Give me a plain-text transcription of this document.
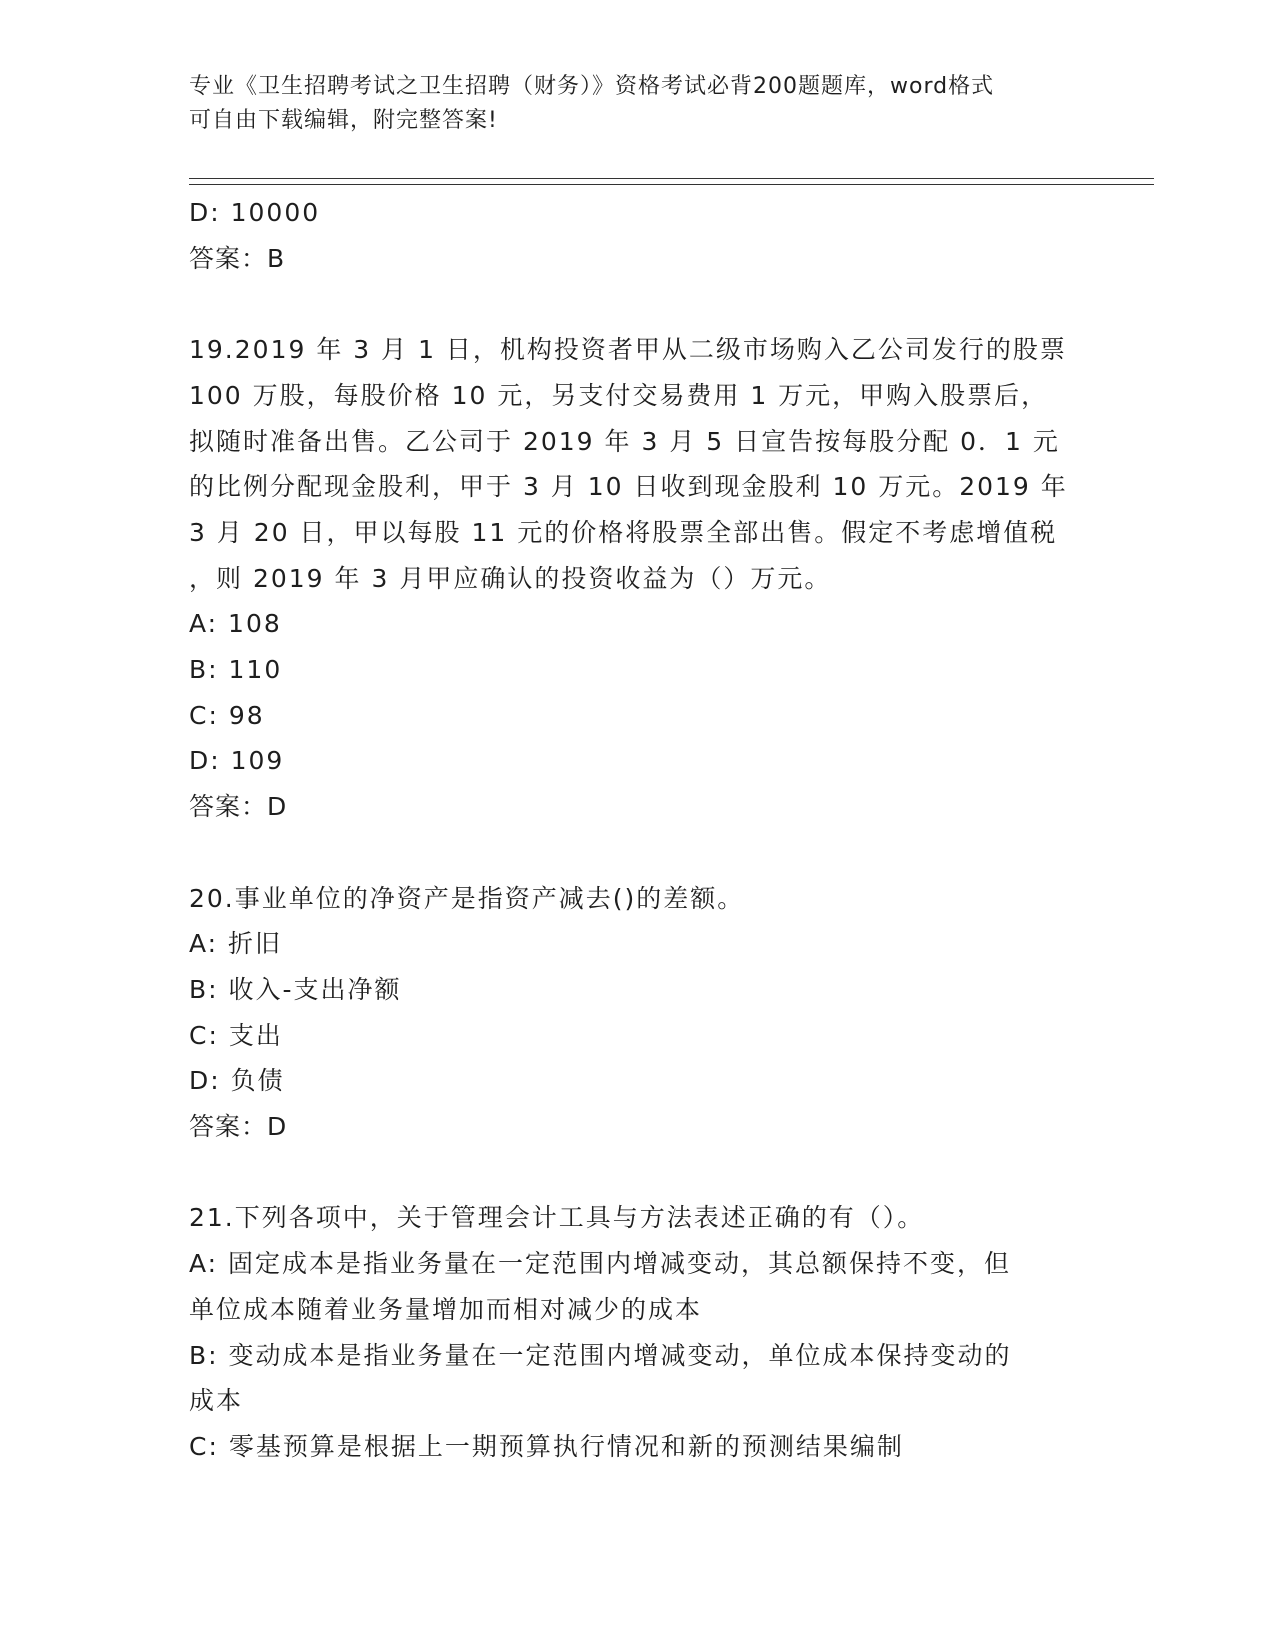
专业《卫生招聘考试之卫生招聘（财务）》资格考试必背200题题库，word格式
可自由下载编辑，附完整答案!
D: 10000
答案：B
19.2019 年 3 月 1 日，机构投资者甲从二级市场购入乙公司发行的股票
100 万股，每股价格 10 元，另支付交易费用 1 万元，甲购入股票后，
拟随时准备出售。乙公司于 2019 年 3 月 5 日宣告按每股分配 0．1 元
的比例分配现金股利，甲于 3 月 10 日收到现金股利 10 万元。2019 年
3 月 20 日，甲以每股 11 元的价格将股票全部出售。假定不考虑增值税
，则 2019 年 3 月甲应确认的投资收益为（）万元。
A: 108
B: 110
C: 98
D: 109
答案：D
20.事业单位的净资产是指资产减去()的差额。
A: 折旧
B: 收入-支出净额
C: 支出
D: 负债
答案：D
21.下列各项中，关于管理会计工具与方法表述正确的有（）。
A: 固定成本是指业务量在一定范围内增减变动，其总额保持不变，但
单位成本随着业务量增加而相对减少的成本
B: 变动成本是指业务量在一定范围内增减变动，单位成本保持变动的
成本
C: 零基预算是根据上一期预算执行情况和新的预测结果编制
